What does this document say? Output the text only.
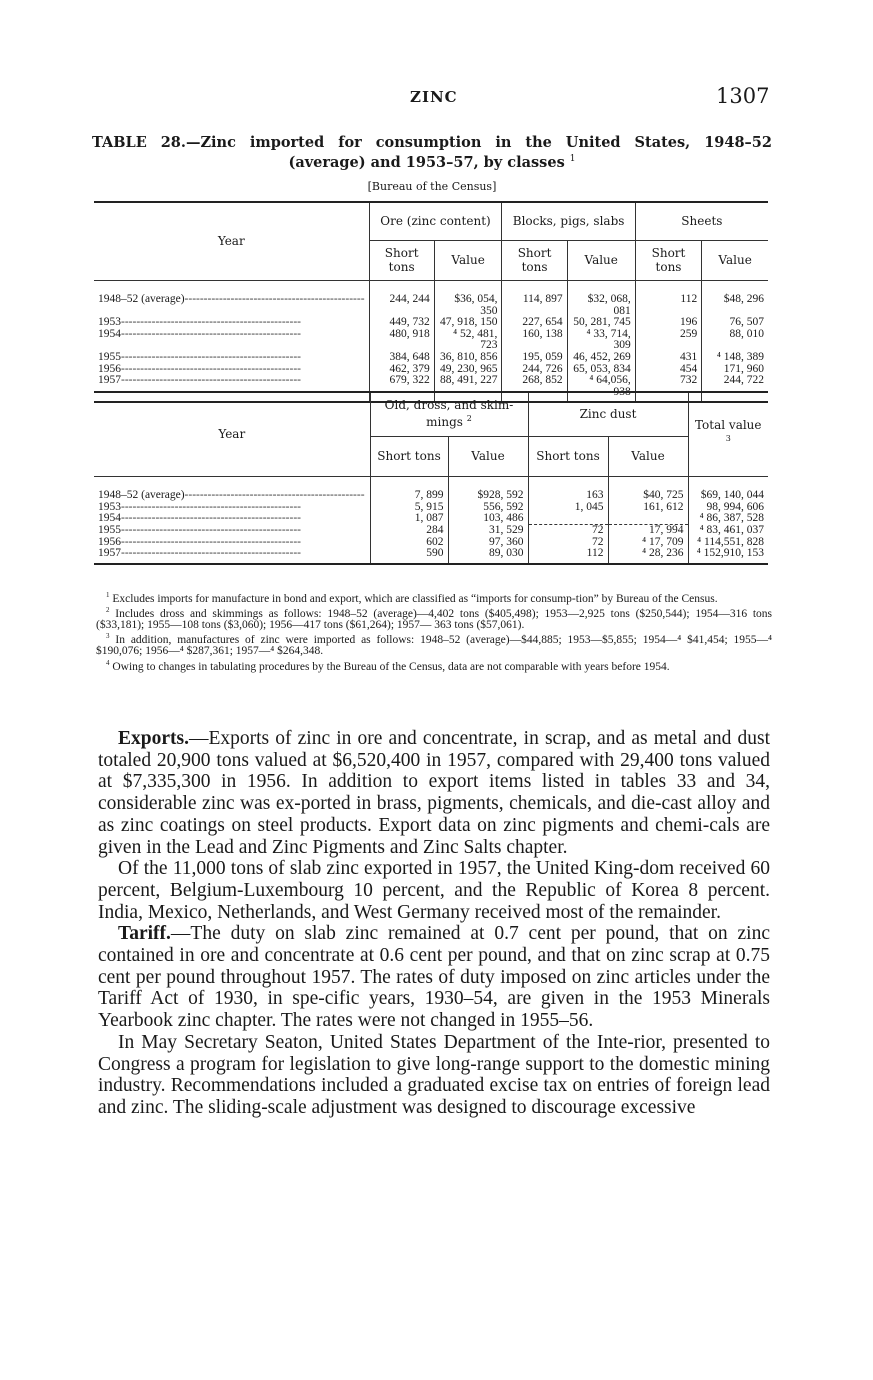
ZINC	1307
TABLE 28.—Zinc imported for consumption in the United States, 1948–52
(average) and 1953–57, by classes $^1$
[Bureau of the Census]
Year	Ore (zinc content)		Blocks, pigs, slabs		Sheets	
	Short tons	Value	Short tons	Value	Short tons	Value

1948–52 (average)-----------------------------------------------	244, 244	$36, 054, 350	114, 897	$32, 068, 081	112	$48, 296
1953-----------------------------------------------	449, 732	47, 918, 150	227, 654	50, 281, 745	196	76, 507
1954-----------------------------------------------	480, 918	⁴ 52, 481, 723	160, 138	⁴ 33, 714, 309	259	88, 010
1955-----------------------------------------------	384, 648	36, 810, 856	195, 059	46, 452, 269	431	⁴ 148, 389
1956-----------------------------------------------	462, 379	49, 230, 965	244, 726	65, 053, 834	454	171, 960
1957-----------------------------------------------	679, 322	88, 491, 227	268, 852	⁴ 64,056, 938	732	244, 722

Year	Old, dross, and skim-mings $^2$		Zinc dust		Total value $^3$
	Short tons	Value	Short tons	Value	

1948–52 (average)-----------------------------------------------	7, 899	$928, 592	163	$40, 725	$69, 140, 044
1953-----------------------------------------------	5, 915	556, 592	1, 045	161, 612	98, 994, 606
1954-----------------------------------------------	1, 087	103, 486			⁴ 86, 387, 528
1955-----------------------------------------------	284	31, 529	72	17, 994	⁴ 83, 461, 037
1956-----------------------------------------------	602	97, 360	72	⁴ 17, 709	⁴ 114,551, 828
1957-----------------------------------------------	590	89, 030	112	⁴ 28, 236	⁴ 152,910, 153

$^1$ Excludes imports for manufacture in bond and export, which are classified as “imports for consump-tion” by Bureau of the Census.

$^2$ Includes dross and skimmings as follows: 1948–52 (average)—4,402 tons ($405,498); 1953—2,925 tons ($250,544); 1954—316 tons ($33,181); 1955—108 tons ($3,060); 1956—417 tons ($61,264); 1957— 363 tons ($57,061).

$^3$ In addition, manufactures of zinc were imported as follows: 1948–52 (average)—$44,885; 1953—$5,855; 1954—⁴ $41,454; 1955—⁴ $190,076; 1956—⁴ $287,361; 1957—⁴ $264,348.

$^4$ Owing to changes in tabulating procedures by the Bureau of the Census, data are not comparable with years before 1954.

Exports.—Exports of zinc in ore and concentrate, in scrap, and as metal and dust totaled 20,900 tons valued at $6,520,400 in 1957, compared with 29,400 tons valued at $7,335,300 in 1956. In addition to export items listed in tables 33 and 34, considerable zinc was ex-ported in brass, pigments, chemicals, and die-cast alloy and as zinc coatings on steel products. Export data on zinc pigments and chemi-cals are given in the Lead and Zinc Pigments and Zinc Salts chapter.

Of the 11,000 tons of slab zinc exported in 1957, the United King-dom received 60 percent, Belgium-Luxembourg 10 percent, and the Republic of Korea 8 percent. India, Mexico, Netherlands, and West Germany received most of the remainder.

Tariff.—The duty on slab zinc remained at 0.7 cent per pound, that on zinc contained in ore and concentrate at 0.6 cent per pound, and that on zinc scrap at 0.75 cent per pound throughout 1957. The rates of duty imposed on zinc articles under the Tariff Act of 1930, in spe-cific years, 1930–54, are given in the 1953 Minerals Yearbook zinc chapter. The rates were not changed in 1955–56.

In May Secretary Seaton, United States Department of the Inte-rior, presented to Congress a program for legislation to give long-range support to the domestic mining industry. Recommendations included a graduated excise tax on entries of foreign lead and zinc. The sliding-scale adjustment was designed to discourage excessive
